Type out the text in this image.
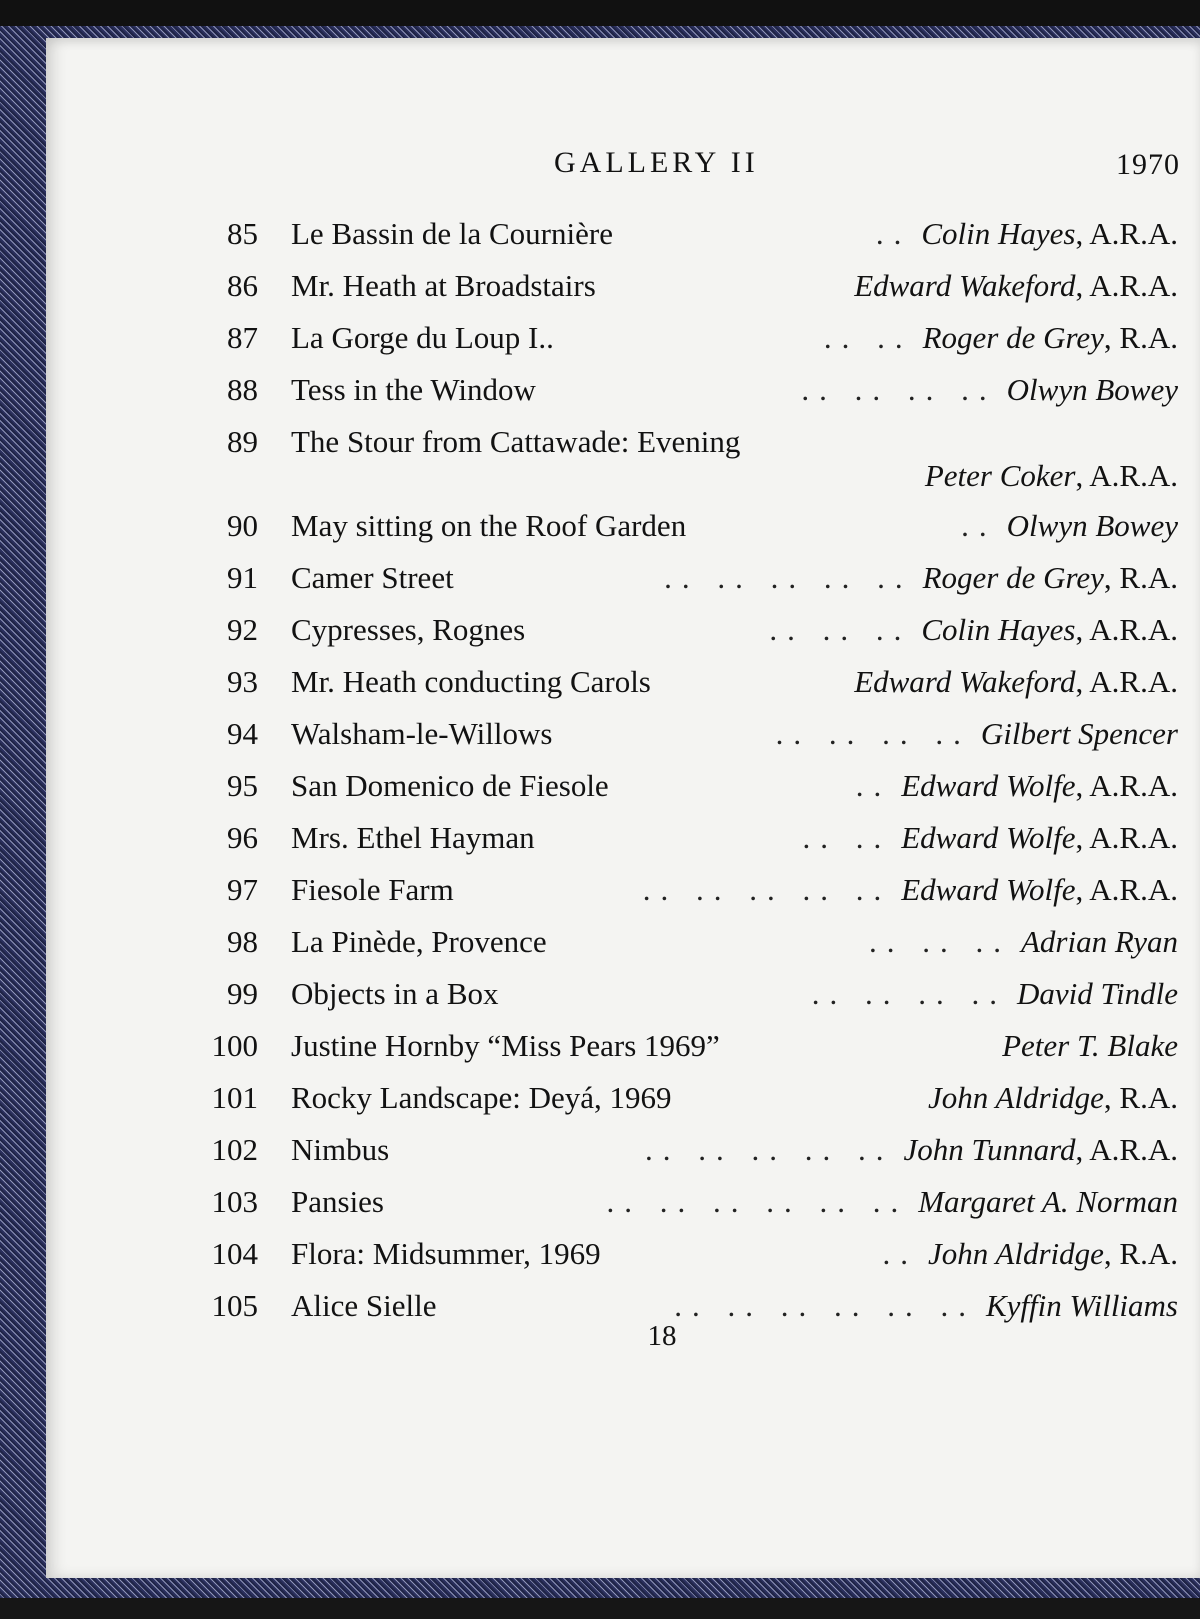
GALLERY II	1970
85 Le Bassin de la Cournière	.. Colin Hayes, A.R.A.
86 Mr. Heath at Broadstairs	Edward Wakeford, A.R.A.
87 La Gorge du Loup I..	.. .. Roger de Grey, R.A.
88 Tess in the Window	.. .. .. .. Olwyn Bowey
89 The Stour from Cattawade: Evening
Peter Coker, A.R.A.
90 May sitting on the Roof Garden	.. Olwyn Bowey
91 Camer Street	.. .. .. .. .. Roger de Grey, R.A.
92 Cypresses, Rognes	.. .. .. Colin Hayes, A.R.A.
93 Mr. Heath conducting Carols	Edward Wakeford, A.R.A.
94 Walsham-le-Willows	.. .. .. .. Gilbert Spencer
95 San Domenico de Fiesole	.. Edward Wolfe, A.R.A.
96 Mrs. Ethel Hayman	.. .. Edward Wolfe, A.R.A.
97 Fiesole Farm	.. .. .. .. .. Edward Wolfe, A.R.A.
98 La Pinède, Provence	.. .. .. Adrian Ryan
99 Objects in a Box	.. .. .. .. David Tindle
100 Justine Hornby “Miss Pears 1969”	Peter T. Blake
101 Rocky Landscape: Deyá, 1969	John Aldridge, R.A.
102 Nimbus	.. .. .. .. .. John Tunnard, A.R.A.
103 Pansies	.. .. .. .. .. .. Margaret A. Norman
104 Flora: Midsummer, 1969	.. John Aldridge, R.A.
105 Alice Sielle	.. .. .. .. .. .. Kyffin Williams
18
